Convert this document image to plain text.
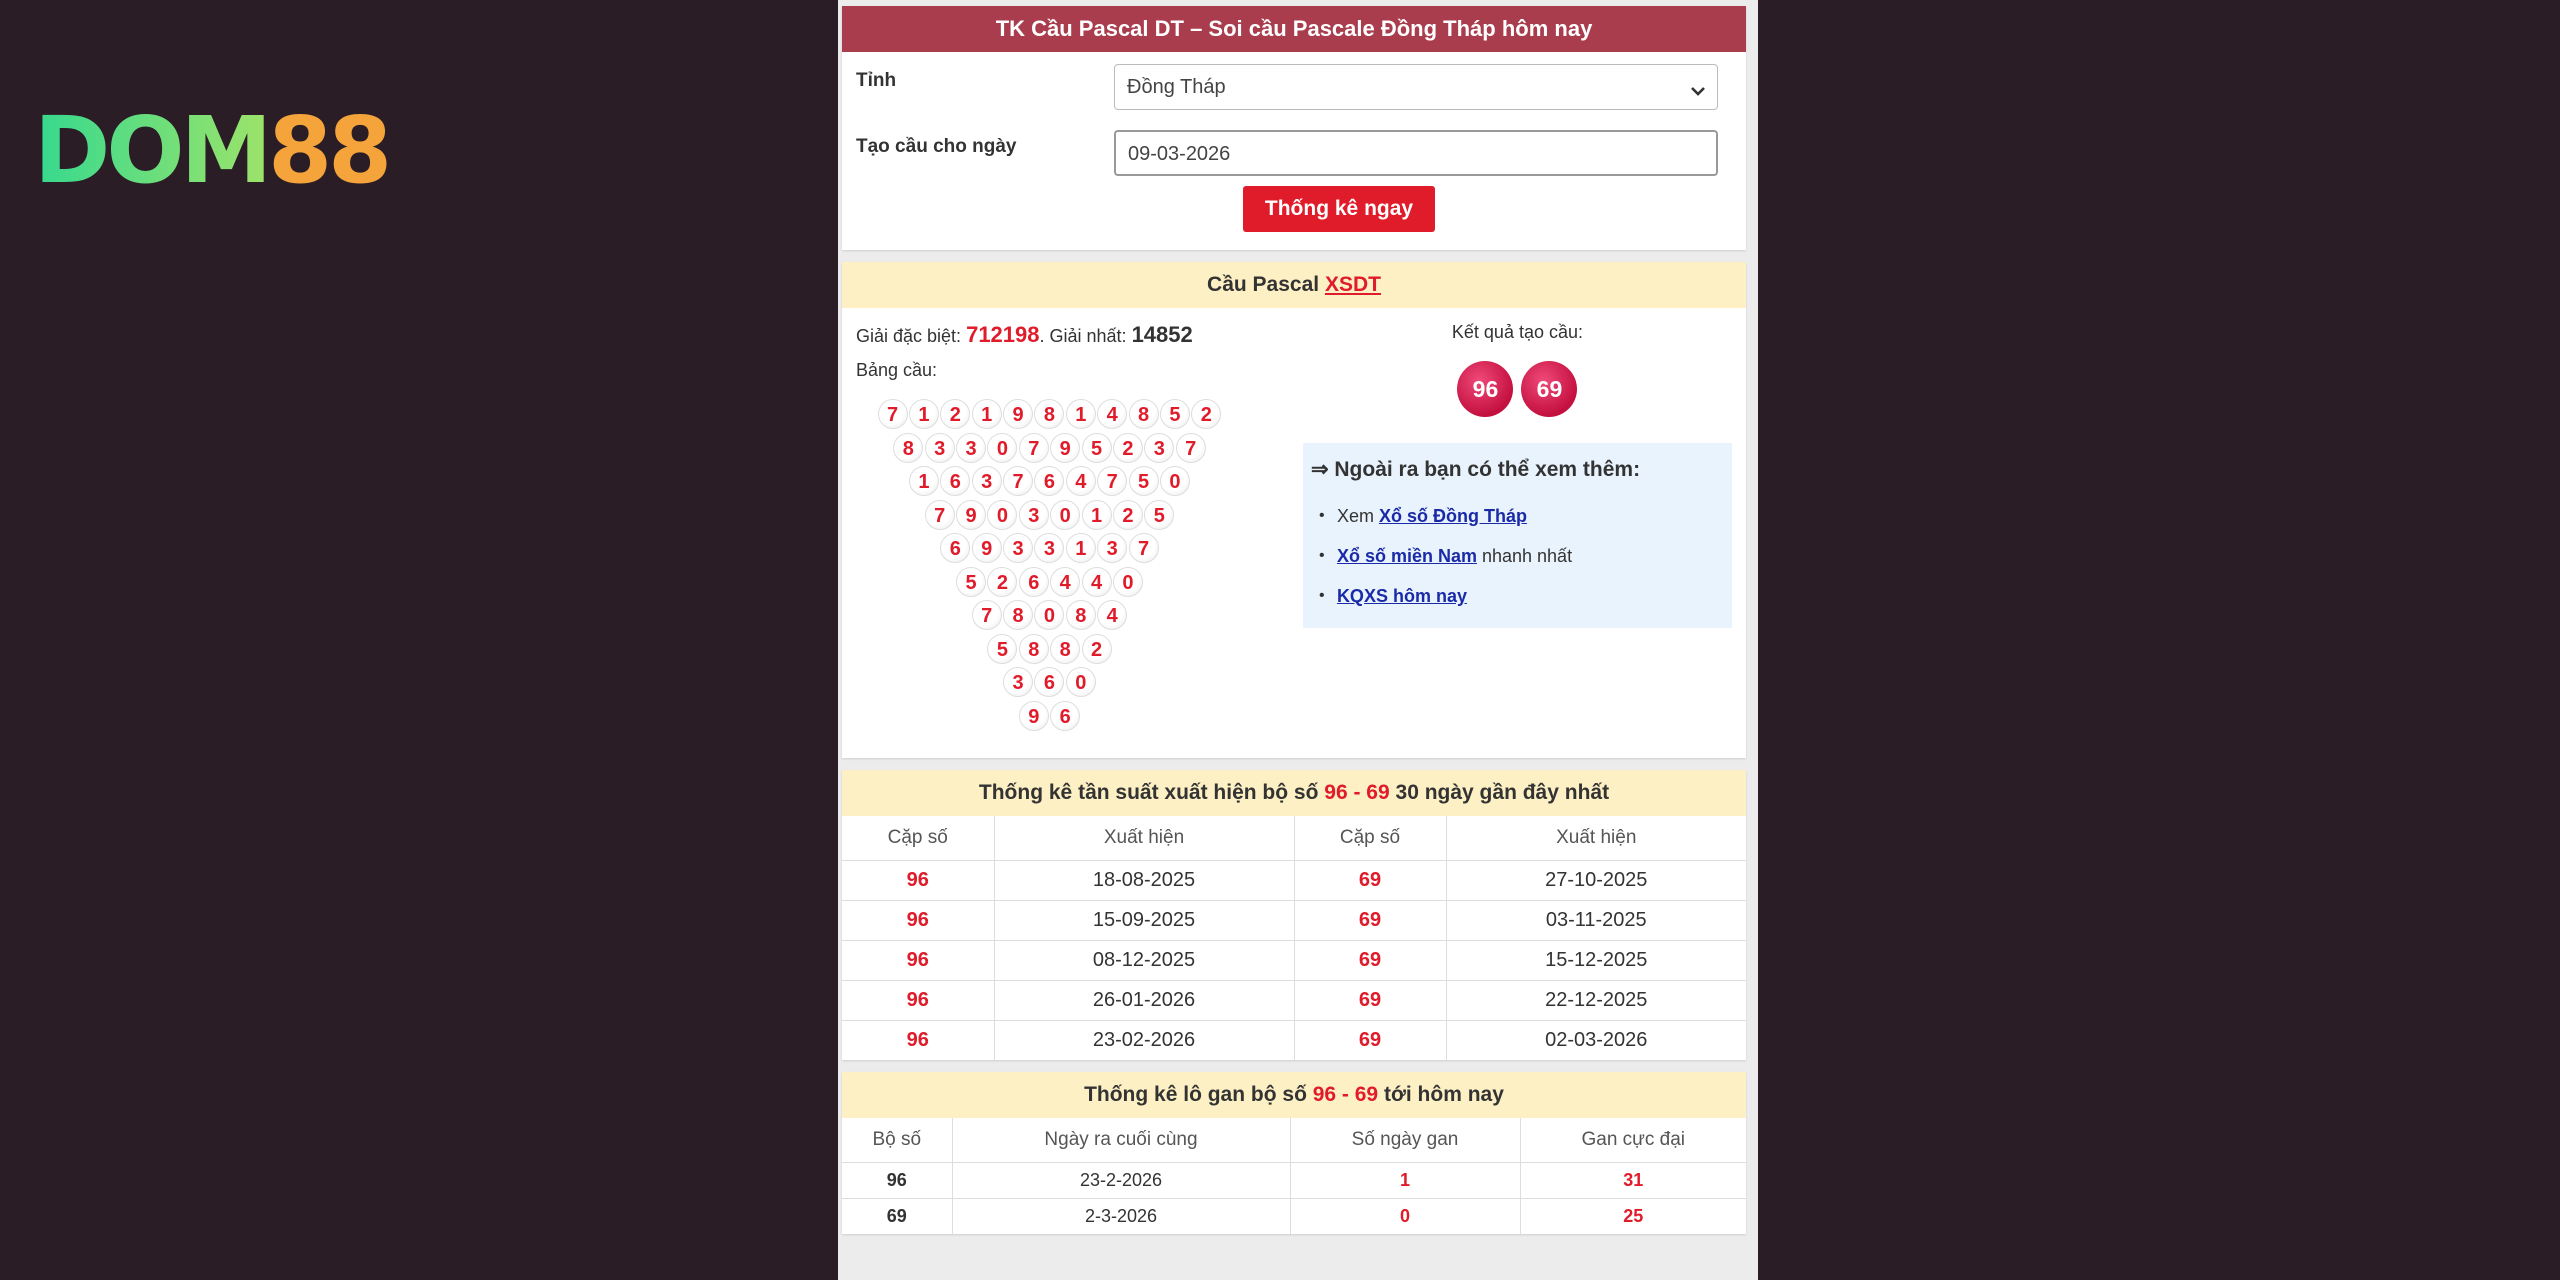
DOM 88
TK Cầu Pascal DT – Soi cầu Pascale Đồng Tháp hôm nay
Tỉnh	Đồng Tháp
Tạo cầu cho ngày	09-03-2026
Thống kê ngay
Cầu Pascal XSDT
Giải đặc biệt: 712198. Giải nhất: 14852
Bảng cầu:
7	1	2	1	9	8	1	4	8	5	2
8	3	3	0	7	9	5	2	3	7
1	6	3	7	6	4	7	5	0
7	9	0	3	0	1	2	5
6	9	3	3	1	3	7
5	2	6	4	4	0
7	8	0	8	4
5	8	8	2
3	6	0
9	6
Kết quả tạo cầu:
96	69
⇒ Ngoài ra bạn có thể xem thêm:
• Xem Xổ số Đồng Tháp
• Xổ số miền Nam nhanh nhất
• KQXS hôm nay
Thống kê tần suất xuất hiện bộ số 96 - 69 30 ngày gần đây nhất
Cặp số	Xuất hiện	Cặp số	Xuất hiện
96	18-08-2025	69	27-10-2025
96	15-09-2025	69	03-11-2025
96	08-12-2025	69	15-12-2025
96	26-01-2026	69	22-12-2025
96	23-02-2026	69	02-03-2026
Thống kê lô gan bộ số 96 - 69 tới hôm nay
Bộ số	Ngày ra cuối cùng	Số ngày gan	Gan cực đại
96	23-2-2026	1	31
69	2-3-2026	0	25
